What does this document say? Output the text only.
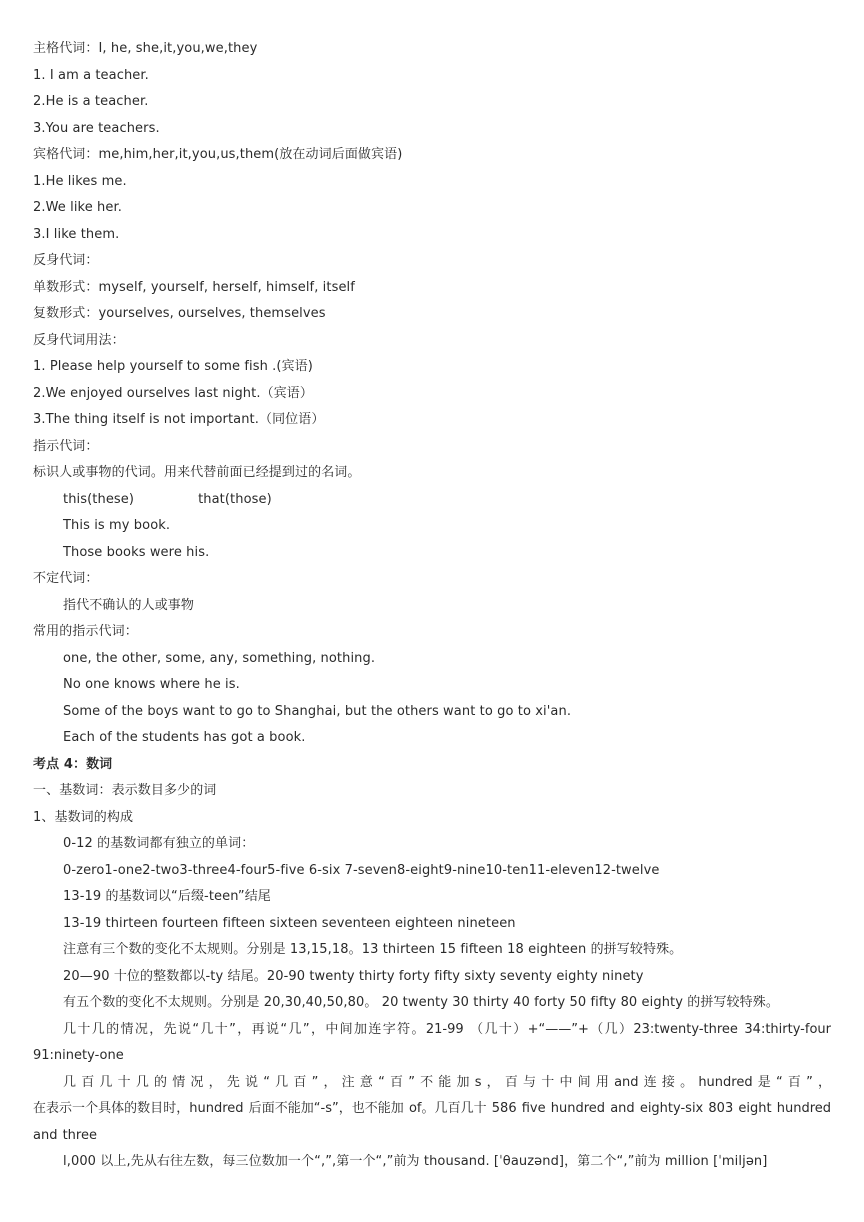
主格代词：I, he, she,it,you,we,they
1. I am a teacher.
2.He is a teacher.
3.You are teachers.
宾格代词：me,him,her,it,you,us,them(放在动词后面做宾语)
1.He likes me.
2.We like her.
3.I like them.
反身代词：
单数形式：myself, yourself, herself, himself, itself
复数形式：yourselves, ourselves, themselves
反身代词用法：
1. Please help yourself to some fish .(宾语)
2.We enjoyed ourselves last night.（宾语）
3.The thing itself is not important.（同位语）
指示代词：
标识人或事物的代词。用来代替前面已经提到过的名词。
this(these)	that(those)
This is my book.
Those books were his.
不定代词：
指代不确认的人或事物
常用的指示代词：
one, the other, some, any, something, nothing.
No one knows where he is.
Some of the boys want to go to Shanghai, but the others want to go to xi'an.
Each of the students has got a book.
考点 4：数词
一、基数词：表示数目多少的词
1、基数词的构成
0-12 的基数词都有独立的单词：
0-zero1-one2-two3-three4-four5-five 6-six 7-seven8-eight9-nine10-ten11-eleven12-twelve
13-19 的基数词以“后缀-teen”结尾
13-19 thirteen fourteen fifteen sixteen seventeen eighteen nineteen
注意有三个数的变化不太规则。分别是 13,15,18。13 thirteen 15 fifteen 18 eighteen 的拼写较特殊。
20—90 十位的整数都以-ty 结尾。20-90 twenty thirty forty fifty sixty seventy eighty ninety
有五个数的变化不太规则。分别是 20,30,40,50,80。 20 twenty 30 thirty 40 forty 50 fifty 80 eighty 的拼写较特殊。
几十几的情况，先说“几十”，再说“几”，中间加连字符。21-99 （几十）+“——”+（几）23:twenty-three 34:thirty-four 91:ninety-one
几 百 几 十 几 的 情 况 ， 先 说 “ 几 百 ” ， 注 意 “ 百 ” 不 能 加 s ， 百 与 十 中 间 用 and 连 接 。 hundred 是 “ 百 ” ，在表示一个具体的数目时，hundred 后面不能加“-s”，也不能加 of。几百几十 586 five hundred and eighty-six 803 eight hundred and three
l,000 以上,先从右往左数，每三位数加一个“,”,第一个“,”前为 thousand. [ˈθauzənd]，第二个“,”前为 million [ˈmiljən]
